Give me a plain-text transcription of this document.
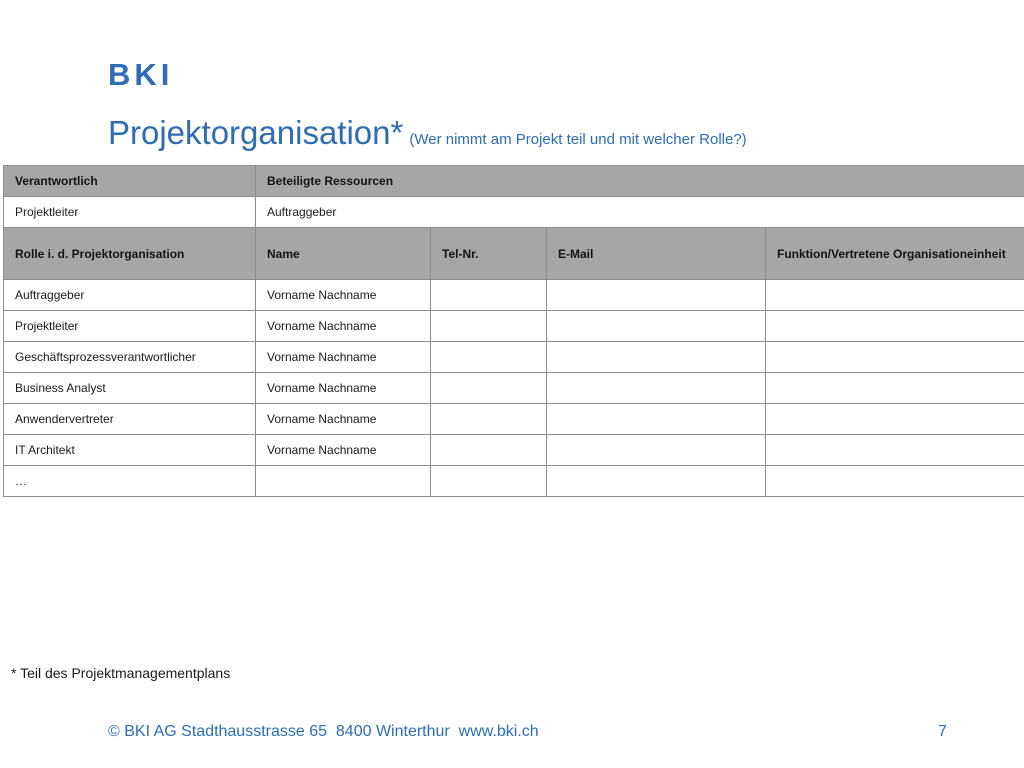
BKI
Projektorganisation* (Wer nimmt am Projekt teil und mit welcher Rolle?)
Verantwortlich	Beteiligte Ressourcen			
Projektleiter	Auftraggeber			
Rolle i. d. Projektorganisation	Name	Tel-Nr.	E-Mail	Funktion/Vertretene Organisationeinheit
Auftraggeber	Vorname Nachname			
Projektleiter	Vorname Nachname			
Geschäftsprozessverantwortlicher	Vorname Nachname			
Business Analyst	Vorname Nachname			
Anwendervertreter	Vorname Nachname			
IT Architekt	Vorname Nachname			
…				
* Teil des Projektmanagementplans
© BKI AG Stadthausstrasse 65  8400 Winterthur  www.bki.ch	7
